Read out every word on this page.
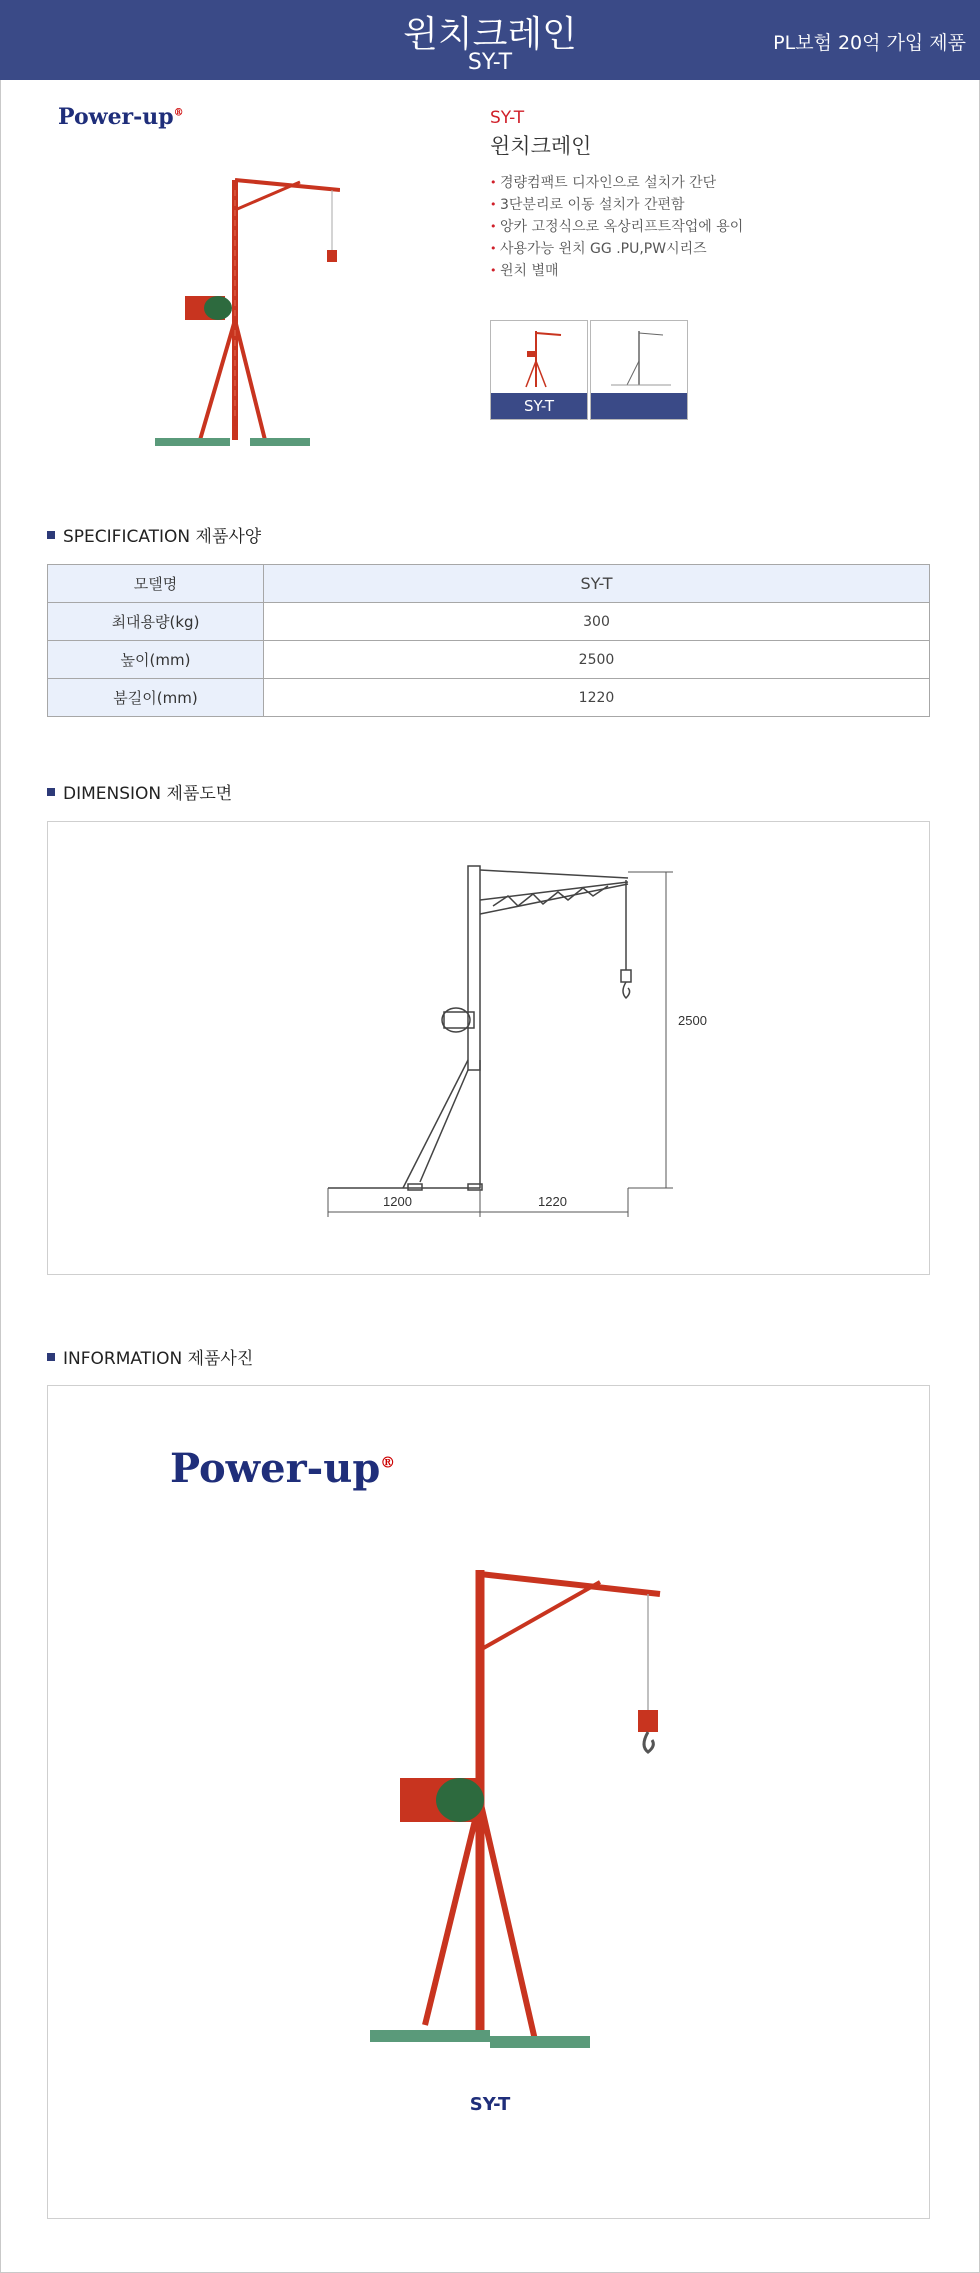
윈치크레인
SY-T
PL보험 20억 가입 제품
Power-up®	SY-T
윈치크레인
• 경량컴팩트 디자인으로 설치가 간단
• 3단분리로 이동 설치가 간편함
• 앙카 고정식으로 옥상리프트작업에 용이
• 사용가능 윈치 GG .PU,PW시리즈
• 윈치 별매
SY-T
SPECIFICATION 제품사양
모델명	SY-T
최대용량(kg)	300
높이(mm)	2500
붐길이(mm)	1220
DIMENSION 제품도면
2500
1200	1220
INFORMATION 제품사진
Power-up®
SY-T
